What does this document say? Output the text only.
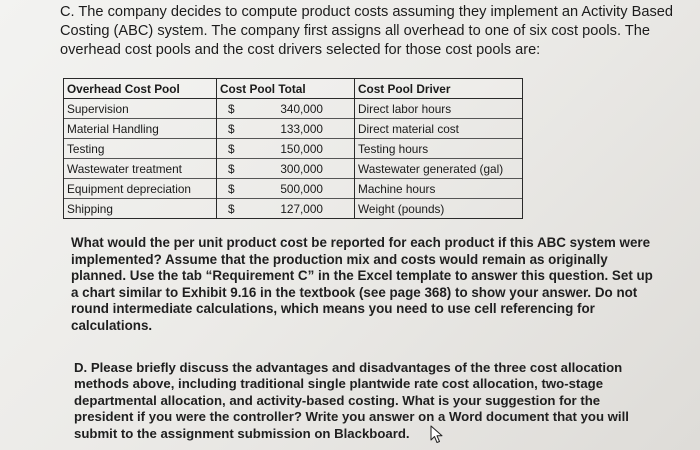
C. The company decides to compute product costs assuming they implement an Activity Based Costing (ABC) system. The company first assigns all overhead to one of six cost pools. The overhead cost pools and the cost drivers selected for those cost pools are:

Overhead Cost Pool	Cost Pool Total	Cost Pool Driver
Supervision	$ 340,000	Direct labor hours
Material Handling	$ 133,000	Direct material cost
Testing	$ 150,000	Testing hours
Wastewater treatment	$ 300,000	Wastewater generated (gal)
Equipment depreciation	$ 500,000	Machine hours
Shipping	$ 127,000	Weight (pounds)

What would the per unit product cost be reported for each product if this ABC system were implemented? Assume that the production mix and costs would remain as originally planned. Use the tab “Requirement C” in the Excel template to answer this question. Set up a chart similar to Exhibit 9.16 in the textbook (see page 368) to show your answer. Do not round intermediate calculations, which means you need to use cell referencing for calculations.

D. Please briefly discuss the advantages and disadvantages of the three cost allocation methods above, including traditional single plantwide rate cost allocation, two-stage departmental allocation, and activity-based costing. What is your suggestion for the president if you were the controller? Write you answer on a Word document that you will submit to the assignment submission on Blackboard.
